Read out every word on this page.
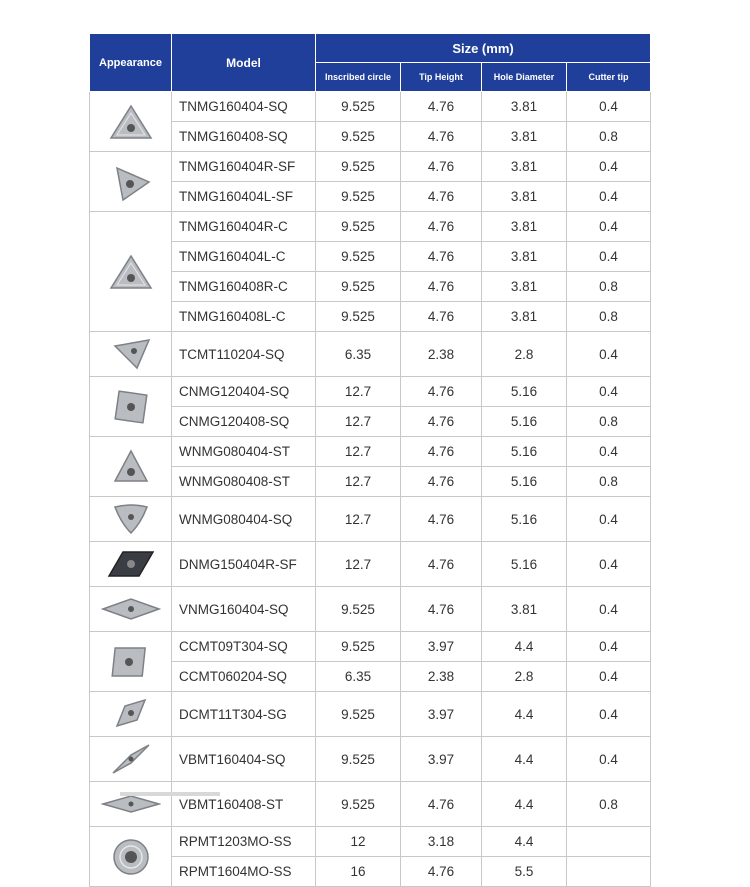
Appearance	Model	Size (mm)			
		Inscribed circle	Tip Height	Hole Diameter	Cutter tip

	TNMG160404-SQ	9.525	4.76	3.81	0.4
	TNMG160408-SQ	9.525	4.76	3.81	0.8

	TNMG160404R-SF	9.525	4.76	3.81	0.4
	TNMG160404L-SF	9.525	4.76	3.81	0.4

	TNMG160404R-C	9.525	4.76	3.81	0.4
	TNMG160404L-C	9.525	4.76	3.81	0.4
	TNMG160408R-C	9.525	4.76	3.81	0.8
	TNMG160408L-C	9.525	4.76	3.81	0.8

	TCMT110204-SQ	6.35	2.38	2.8	0.4

	CNMG120404-SQ	12.7	4.76	5.16	0.4
	CNMG120408-SQ	12.7	4.76	5.16	0.8

	WNMG080404-ST	12.7	4.76	5.16	0.4
	WNMG080408-ST	12.7	4.76	5.16	0.8

	WNMG080404-SQ	12.7	4.76	5.16	0.4

	DNMG150404R-SF	12.7	4.76	5.16	0.4

	VNMG160404-SQ	9.525	4.76	3.81	0.4

	CCMT09T304-SQ	9.525	3.97	4.4	0.4
	CCMT060204-SQ	6.35	2.38	2.8	0.4

	DCMT11T304-SG	9.525	3.97	4.4	0.4

	VBMT160404-SQ	9.525	3.97	4.4	0.4

	VBMT160408-ST	9.525	4.76	4.4	0.8

	RPMT1203MO-SS	12	3.18	4.4	
	RPMT1604MO-SS	16	4.76	5.5	
